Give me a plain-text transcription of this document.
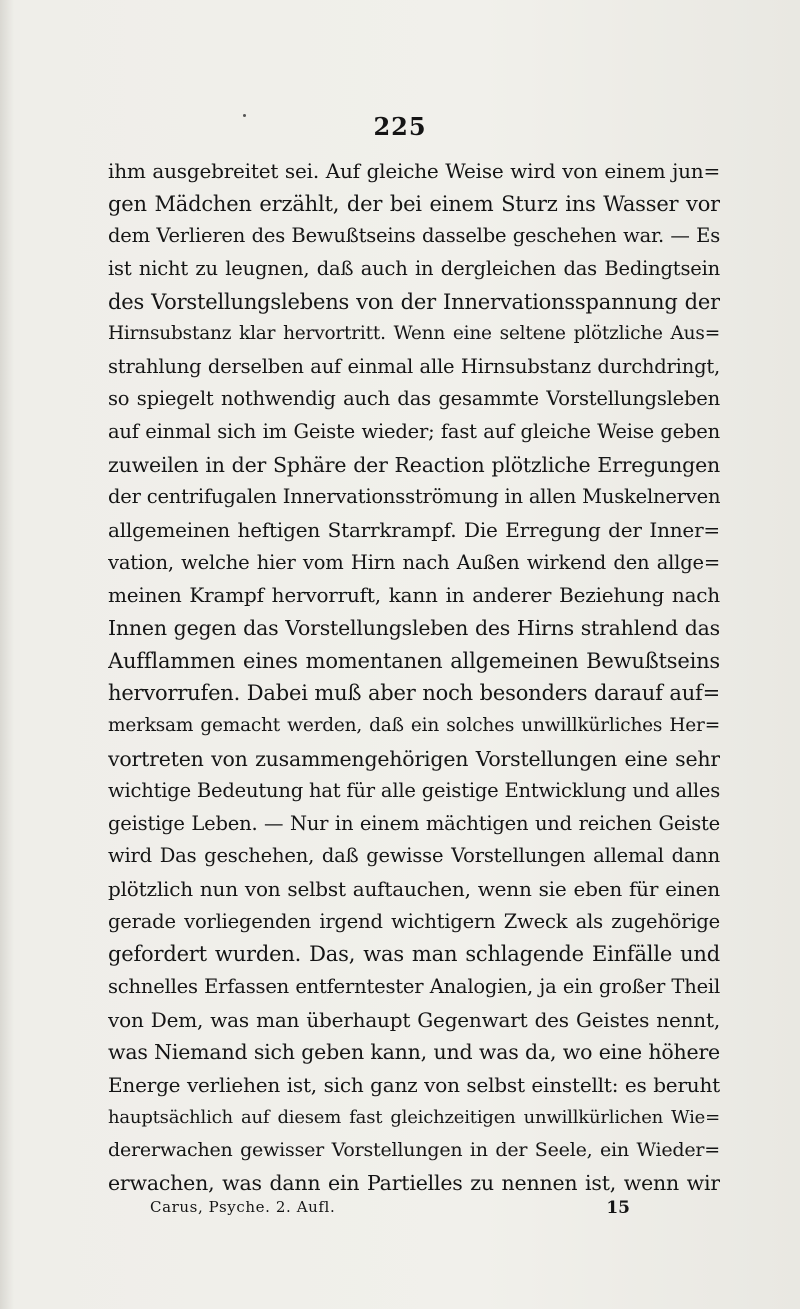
225
ihm ausgebreitet sei. Auf gleiche Weise wird von einem jun=
gen Mädchen erzählt, der bei einem Sturz ins Wasser vor
dem Verlieren des Bewußtseins dasselbe geschehen war. — Es
ist nicht zu leugnen, daß auch in dergleichen das Bedingtsein
des Vorstellungslebens von der Innervationsspannung der
Hirnsubstanz klar hervortritt. Wenn eine seltene plötzliche Aus=
strahlung derselben auf einmal alle Hirnsubstanz durchdringt,
so spiegelt nothwendig auch das gesammte Vorstellungsleben
auf einmal sich im Geiste wieder; fast auf gleiche Weise geben
zuweilen in der Sphäre der Reaction plötzliche Erregungen
der centrifugalen Innervationsströmung in allen Muskelnerven
allgemeinen heftigen Starrkrampf. Die Erregung der Inner=
vation, welche hier vom Hirn nach Außen wirkend den allge=
meinen Krampf hervorruft, kann in anderer Beziehung nach
Innen gegen das Vorstellungsleben des Hirns strahlend das
Aufflammen eines momentanen allgemeinen Bewußtseins
hervorrufen. Dabei muß aber noch besonders darauf auf=
merksam gemacht werden, daß ein solches unwillkürliches Her=
vortreten von zusammengehörigen Vorstellungen eine sehr
wichtige Bedeutung hat für alle geistige Entwicklung und alles
geistige Leben. — Nur in einem mächtigen und reichen Geiste
wird Das geschehen, daß gewisse Vorstellungen allemal dann
plötzlich nun von selbst auftauchen, wenn sie eben für einen
gerade vorliegenden irgend wichtigern Zweck als zugehörige
gefordert wurden. Das, was man schlagende Einfälle und
schnelles Erfassen entferntester Analogien, ja ein großer Theil
von Dem, was man überhaupt Gegenwart des Geistes nennt,
was Niemand sich geben kann, und was da, wo eine höhere
Energe verliehen ist, sich ganz von selbst einstellt: es beruht
hauptsächlich auf diesem fast gleichzeitigen unwillkürlichen Wie=
dererwachen gewisser Vorstellungen in der Seele, ein Wieder=
erwachen, was dann ein Partielles zu nennen ist, wenn wir
Carus, Psyche. 2. Aufl.	15
